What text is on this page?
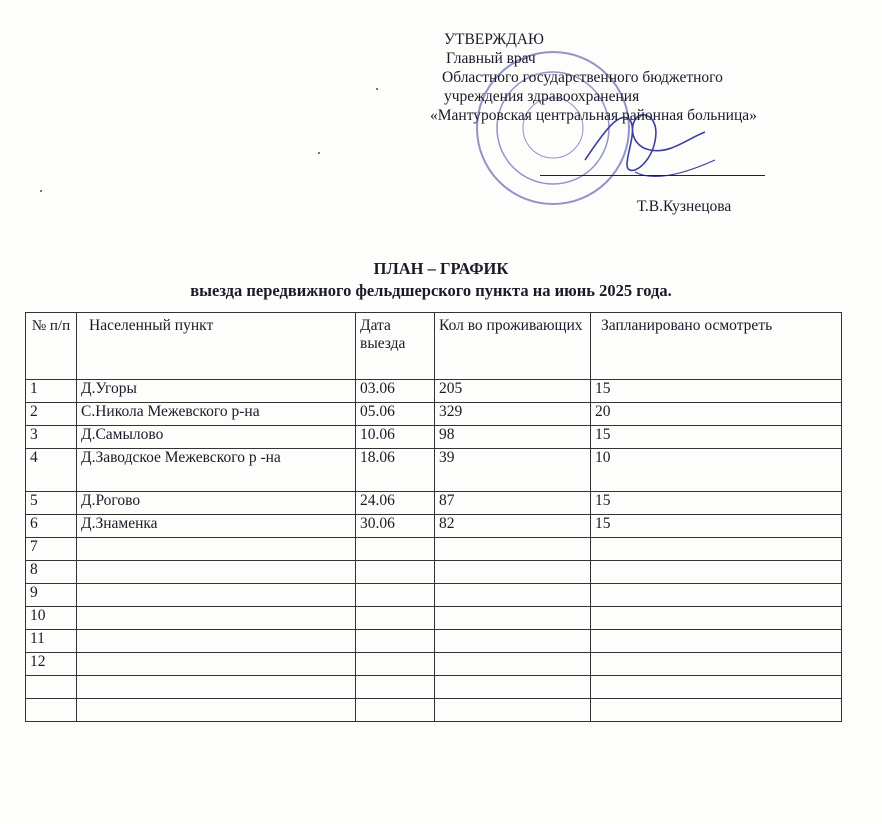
УТВЕРЖДАЮ
Главный врач
Областного государственного бюджетного
учреждения здравоохранения
«Мантуровская центральная районная больница»
Т.В.Кузнецова
ПЛАН – ГРАФИК
выезда передвижного фельдшерского пункта на июнь 2025 года.
№ п/п	Населенный пункт	Дата выезда	Кол во проживающих	Запланировано осмотреть
1	Д.Угоры	03.06	205	15
2	С.Никола Межевского р-на	05.06	329	20
3	Д.Самылово	10.06	98	15
4	Д.Заводское Межевского р -на	18.06	39	10
5	Д.Рогово	24.06	87	15
6	Д.Знаменка	30.06	82	15
7				
8				
9				
10				
11				
12				
